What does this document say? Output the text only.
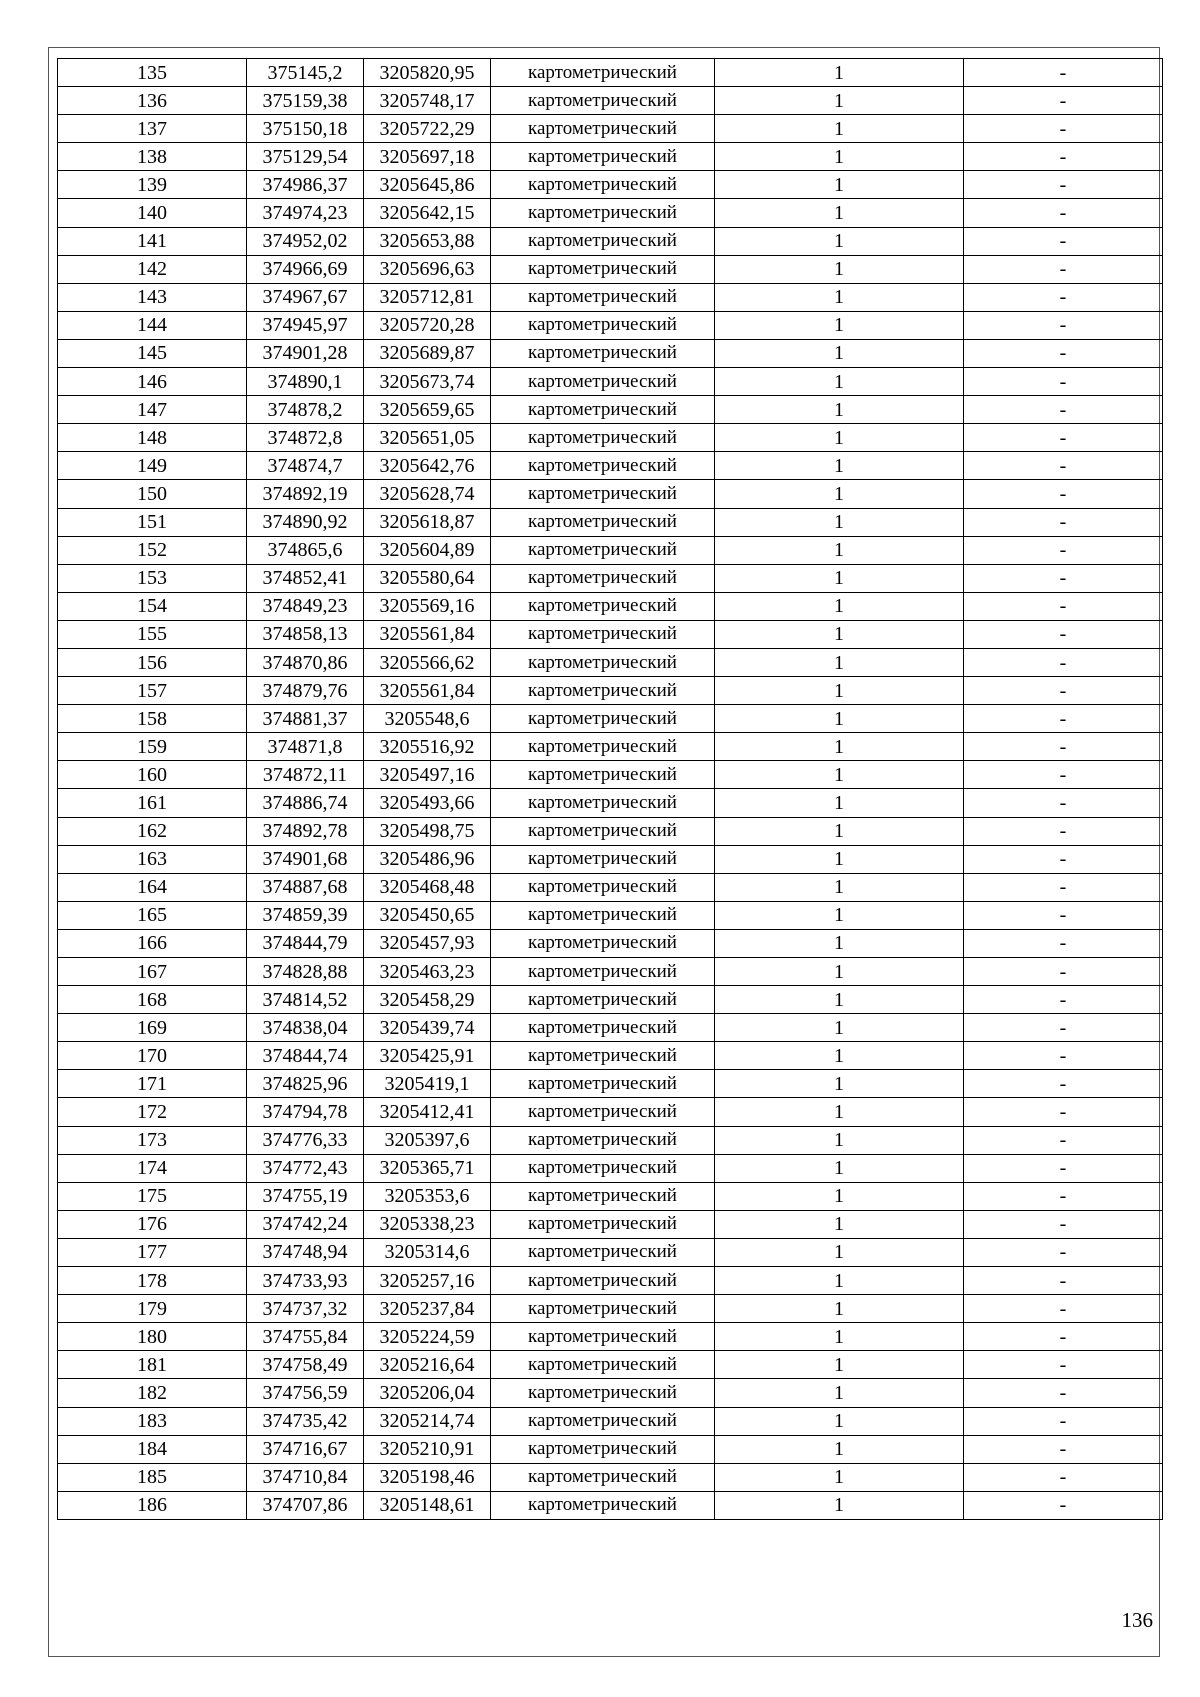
135	375145,2	3205820,95	картометрический	1	-
136	375159,38	3205748,17	картометрический	1	-
137	375150,18	3205722,29	картометрический	1	-
138	375129,54	3205697,18	картометрический	1	-
139	374986,37	3205645,86	картометрический	1	-
140	374974,23	3205642,15	картометрический	1	-
141	374952,02	3205653,88	картометрический	1	-
142	374966,69	3205696,63	картометрический	1	-
143	374967,67	3205712,81	картометрический	1	-
144	374945,97	3205720,28	картометрический	1	-
145	374901,28	3205689,87	картометрический	1	-
146	374890,1	3205673,74	картометрический	1	-
147	374878,2	3205659,65	картометрический	1	-
148	374872,8	3205651,05	картометрический	1	-
149	374874,7	3205642,76	картометрический	1	-
150	374892,19	3205628,74	картометрический	1	-
151	374890,92	3205618,87	картометрический	1	-
152	374865,6	3205604,89	картометрический	1	-
153	374852,41	3205580,64	картометрический	1	-
154	374849,23	3205569,16	картометрический	1	-
155	374858,13	3205561,84	картометрический	1	-
156	374870,86	3205566,62	картометрический	1	-
157	374879,76	3205561,84	картометрический	1	-
158	374881,37	3205548,6	картометрический	1	-
159	374871,8	3205516,92	картометрический	1	-
160	374872,11	3205497,16	картометрический	1	-
161	374886,74	3205493,66	картометрический	1	-
162	374892,78	3205498,75	картометрический	1	-
163	374901,68	3205486,96	картометрический	1	-
164	374887,68	3205468,48	картометрический	1	-
165	374859,39	3205450,65	картометрический	1	-
166	374844,79	3205457,93	картометрический	1	-
167	374828,88	3205463,23	картометрический	1	-
168	374814,52	3205458,29	картометрический	1	-
169	374838,04	3205439,74	картометрический	1	-
170	374844,74	3205425,91	картометрический	1	-
171	374825,96	3205419,1	картометрический	1	-
172	374794,78	3205412,41	картометрический	1	-
173	374776,33	3205397,6	картометрический	1	-
174	374772,43	3205365,71	картометрический	1	-
175	374755,19	3205353,6	картометрический	1	-
176	374742,24	3205338,23	картометрический	1	-
177	374748,94	3205314,6	картометрический	1	-
178	374733,93	3205257,16	картометрический	1	-
179	374737,32	3205237,84	картометрический	1	-
180	374755,84	3205224,59	картометрический	1	-
181	374758,49	3205216,64	картометрический	1	-
182	374756,59	3205206,04	картометрический	1	-
183	374735,42	3205214,74	картометрический	1	-
184	374716,67	3205210,91	картометрический	1	-
185	374710,84	3205198,46	картометрический	1	-
186	374707,86	3205148,61	картометрический	1	-
136
